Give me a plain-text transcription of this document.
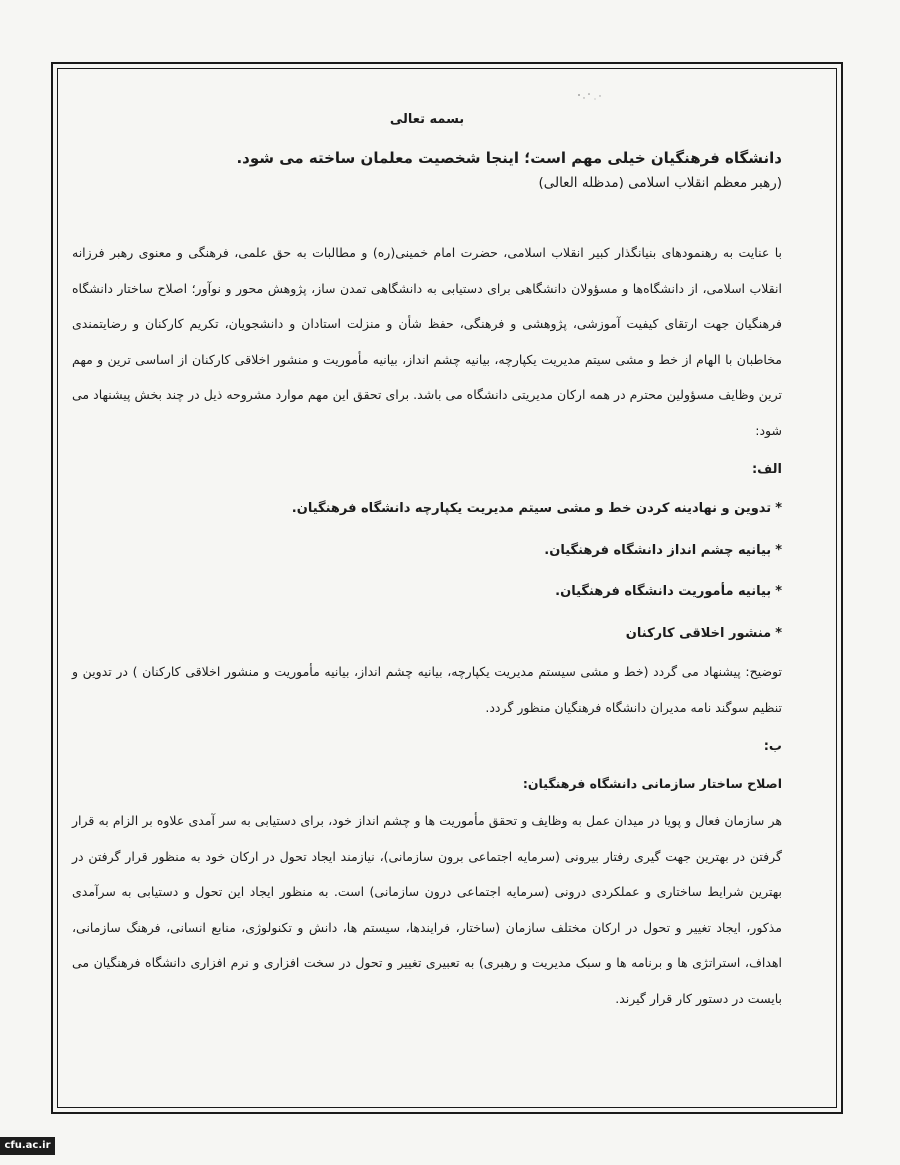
بسمه تعالی

دانشگاه فرهنگیان خیلی مهم است؛ اینجا شخصیت معلمان ساخته می شود.

(رهبر معظم انقلاب اسلامی (مدظله العالی)

با عنایت به رهنمودهای بنیانگذار کبیر انقلاب اسلامی، حضرت امام خمینی(ره) و مطالبات به حق علمی، فرهنگی و معنوی رهبر فرزانه انقلاب اسلامی، از دانشگاه‌ها و مسؤولان دانشگاهی برای دستیابی به دانشگاهی تمدن ساز، پژوهش محور و نوآور؛ اصلاح ساختار دانشگاه فرهنگیان جهت ارتقای کیفیت آموزشی، پژوهشی و فرهنگی، حفظ شأن و منزلت استادان و دانشجویان، تکریم کارکنان و رضایتمندی مخاطبان با الهام از خط و مشی سیتم مدیریت یکپارچه، بیانیه چشم انداز، بیانیه مأموریت و منشور اخلاقی کارکنان از اساسی ترین و مهم ترین وظایف مسؤولین محترم در همه ارکان مدیریتی دانشگاه می باشد. برای تحقق این مهم موارد مشروحه ذیل در چند بخش پیشنهاد می شود:

الف:

*تدوین و نهادینه کردن خط و مشی سیتم مدیریت یکپارچه دانشگاه فرهنگیان.

*بیانیه چشم انداز دانشگاه فرهنگیان.

*بیانیه مأموریت دانشگاه فرهنگیان.

*منشور اخلاقی کارکنان

توضیح: پیشنهاد می گردد (خط و مشی سیستم مدیریت یکپارچه، بیانیه چشم انداز، بیانیه مأموریت و منشور اخلاقی کارکنان ) در تدوین و تنظیم سوگند نامه مدیران دانشگاه فرهنگیان منظور گردد.

ب:

اصلاح ساختار سازمانی دانشگاه فرهنگیان:

هر سازمان فعال و پویا در میدان عمل به وظایف و تحقق مأموریت ها و چشم انداز خود، برای دستیابی به سر آمدی علاوه بر الزام به قرار گرفتن در بهترین جهت گیری رفتار بیرونی (سرمایه اجتماعی برون سازمانی)، نیازمند ایجاد تحول در ارکان خود به منظور قرار گرفتن در بهترین شرایط ساختاری و عملکردی درونی (سرمایه اجتماعی درون سازمانی) است. به منظور ایجاد این تحول و دستیابی به سرآمدی مذکور، ایجاد تغییر و تحول در ارکان مختلف سازمان (ساختار، فرایندها، سیستم ها، دانش و تکنولوژی، منابع انسانی، فرهنگ سازمانی، اهداف، استراتژی ها و برنامه ها و سبک مدیریت و رهبری) به تعبیری تغییر و تحول در سخت افزاری و نرم افزاری دانشگاه فرهنگیان می بایست در دستور کار قرار گیرند.

cfu.ac.ir
